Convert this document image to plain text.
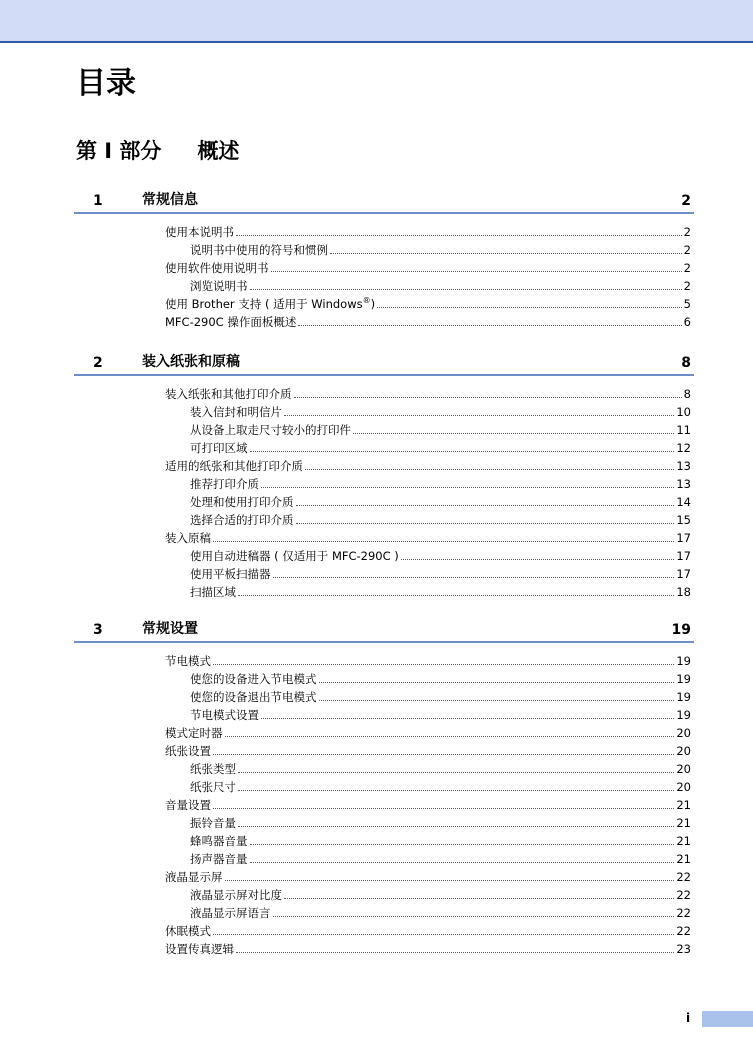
目录
第 I 部分 概述
1	常规信息	2
使用本说明书	2
说明书中使用的符号和惯例	2
使用软件使用说明书	2
浏览说明书	2
使用 Brother 支持 ( 适用于 Windows®)	5
MFC-290C 操作面板概述	6
2	装入纸张和原稿	8
装入纸张和其他打印介质	8
装入信封和明信片	10
从设备上取走尺寸较小的打印件	11
可打印区域	12
适用的纸张和其他打印介质	13
推荐打印介质	13
处理和使用打印介质	14
选择合适的打印介质	15
装入原稿	17
使用自动进稿器 ( 仅适用于 MFC-290C )	17
使用平板扫描器	17
扫描区域	18
3	常规设置	19
节电模式	19
使您的设备进入节电模式	19
使您的设备退出节电模式	19
节电模式设置	19
模式定时器	20
纸张设置	20
纸张类型	20
纸张尺寸	20
音量设置	21
振铃音量	21
蜂鸣器音量	21
扬声器音量	21
液晶显示屏	22
液晶显示屏对比度	22
液晶显示屏语言	22
休眠模式	22
设置传真逻辑	23
i
